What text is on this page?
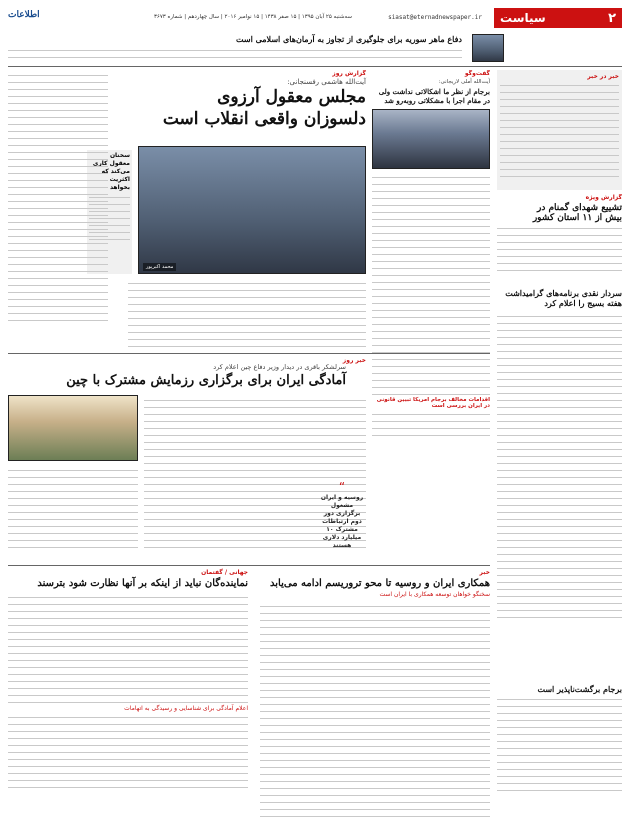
۲
سیاست
siasat@eternadnewspaper.ir
سه‌شنبه ۲۵ آبان ۱۳۹۵ | ۱۵ صفر ۱۴۳۸ | ۱۵ نوامبر ۲۰۱۶ | سال چهاردهم | شماره ۳۶۷۳
اطلاعات
دفاع ماهر سوریه برای جلوگیری از تجاوز به آرمان‌های اسلامی است
خبر در خبر
گزارش ویژه
تشییع شهدای گمنام در
بیش از ۱۱ استان کشور
سردار نقدی برنامه‌های گرامیداشت هفته بسیج را اعلام کرد
برجام برگشت‌ناپذیر است
گفت‌وگو
آیت‌الله آملی لاریجانی:
برجام از نظر ما اشکالاتی نداشت ولی در مقام اجرا با مشکلاتی روبه‌رو شد
اقدامات مخالف برجام امریکا تبیین قانونی در ایران بررسی است
گزارش روز
آیت‌الله هاشمی رفسنجانی:
مجلس معقول آرزوی
دلسوزان واقعی انقلاب است
محمد اکبرپور
سخنان معقول کاری می‌کند که اکثریت بخواهد
خبر روز
سرلشکر باقری در دیدار وزیر دفاع چین اعلام کرد
آمادگی ایران برای برگزاری رزمایش مشترک با چین
“
روسیه و ایران مشغول برگزاری دور دوم ارتباطات مشترک ۱۰ میلیارد دلاری هستند
خبر
همکاری ایران و روسیه تا محو تروریسم ادامه می‌یابد
سخنگو خواهان توسعه همکاری با ایران است
جهانی / گفتمان
نماینده‌گان نباید از اینکه بر آنها نظارت شود بترسند
اعلام آمادگی برای شناسایی و رسیدگی به اتهامات
